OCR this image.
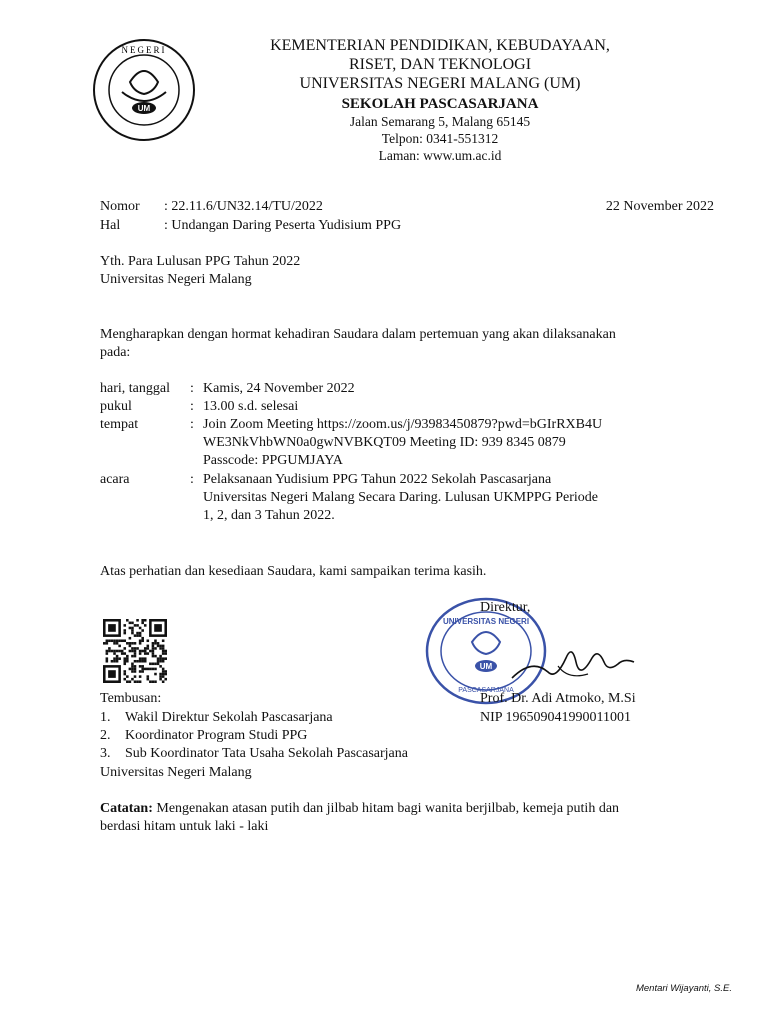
UM
NEGERI	KEMENTERIAN PENDIDIKAN, KEBUDAYAAN,
RISET, DAN TEKNOLOGI
UNIVERSITAS NEGERI MALANG (UM)
SEKOLAH PASCASARJANA
Jalan Semarang 5, Malang 65145
Telpon: 0341-551312
Laman: www.um.ac.id
Nomor : 22.11.6/UN32.14/TU/2022	22 November 2022
Hal	: Undangan Daring Peserta Yudisium PPG
Yth. Para Lulusan PPG Tahun 2022
Universitas Negeri Malang
Mengharapkan dengan hormat kehadiran Saudara dalam pertemuan yang akan dilaksanakan
pada:
hari, tanggal : Kamis, 24 November 2022
pukul	: 13.00 s.d. selesai
tempat	: Join Zoom Meeting https://zoom.us/j/93983450879?pwd=bGIrRXB4U
WE3NkVhbWN0a0gwNVBKQT09 Meeting ID: 939 8345 0879
Passcode: PPGUMJAYA
acara	: Pelaksanaan Yudisium PPG Tahun 2022 Sekolah Pascasarjana
Universitas Negeri Malang Secara Daring. Lulusan UKMPPG Periode
1, 2, dan 3 Tahun 2022.
Atas perhatian dan kesediaan Saudara, kami sampaikan terima kasih.
UM
UNIVERSITAS NEGERI
PASCASARJANA
Direktur,
Prof. Dr. Adi Atmoko, M.Si
NIP 196509041990011001
Tembusan:
1. Wakil Direktur Sekolah Pascasarjana
2. Koordinator Program Studi PPG
3. Sub Koordinator Tata Usaha Sekolah Pascasarjana
Universitas Negeri Malang
Catatan: Mengenakan atasan putih dan jilbab hitam bagi wanita berjilbab, kemeja putih dan
berdasi hitam untuk laki - laki
Mentari Wijayanti, S.E.
